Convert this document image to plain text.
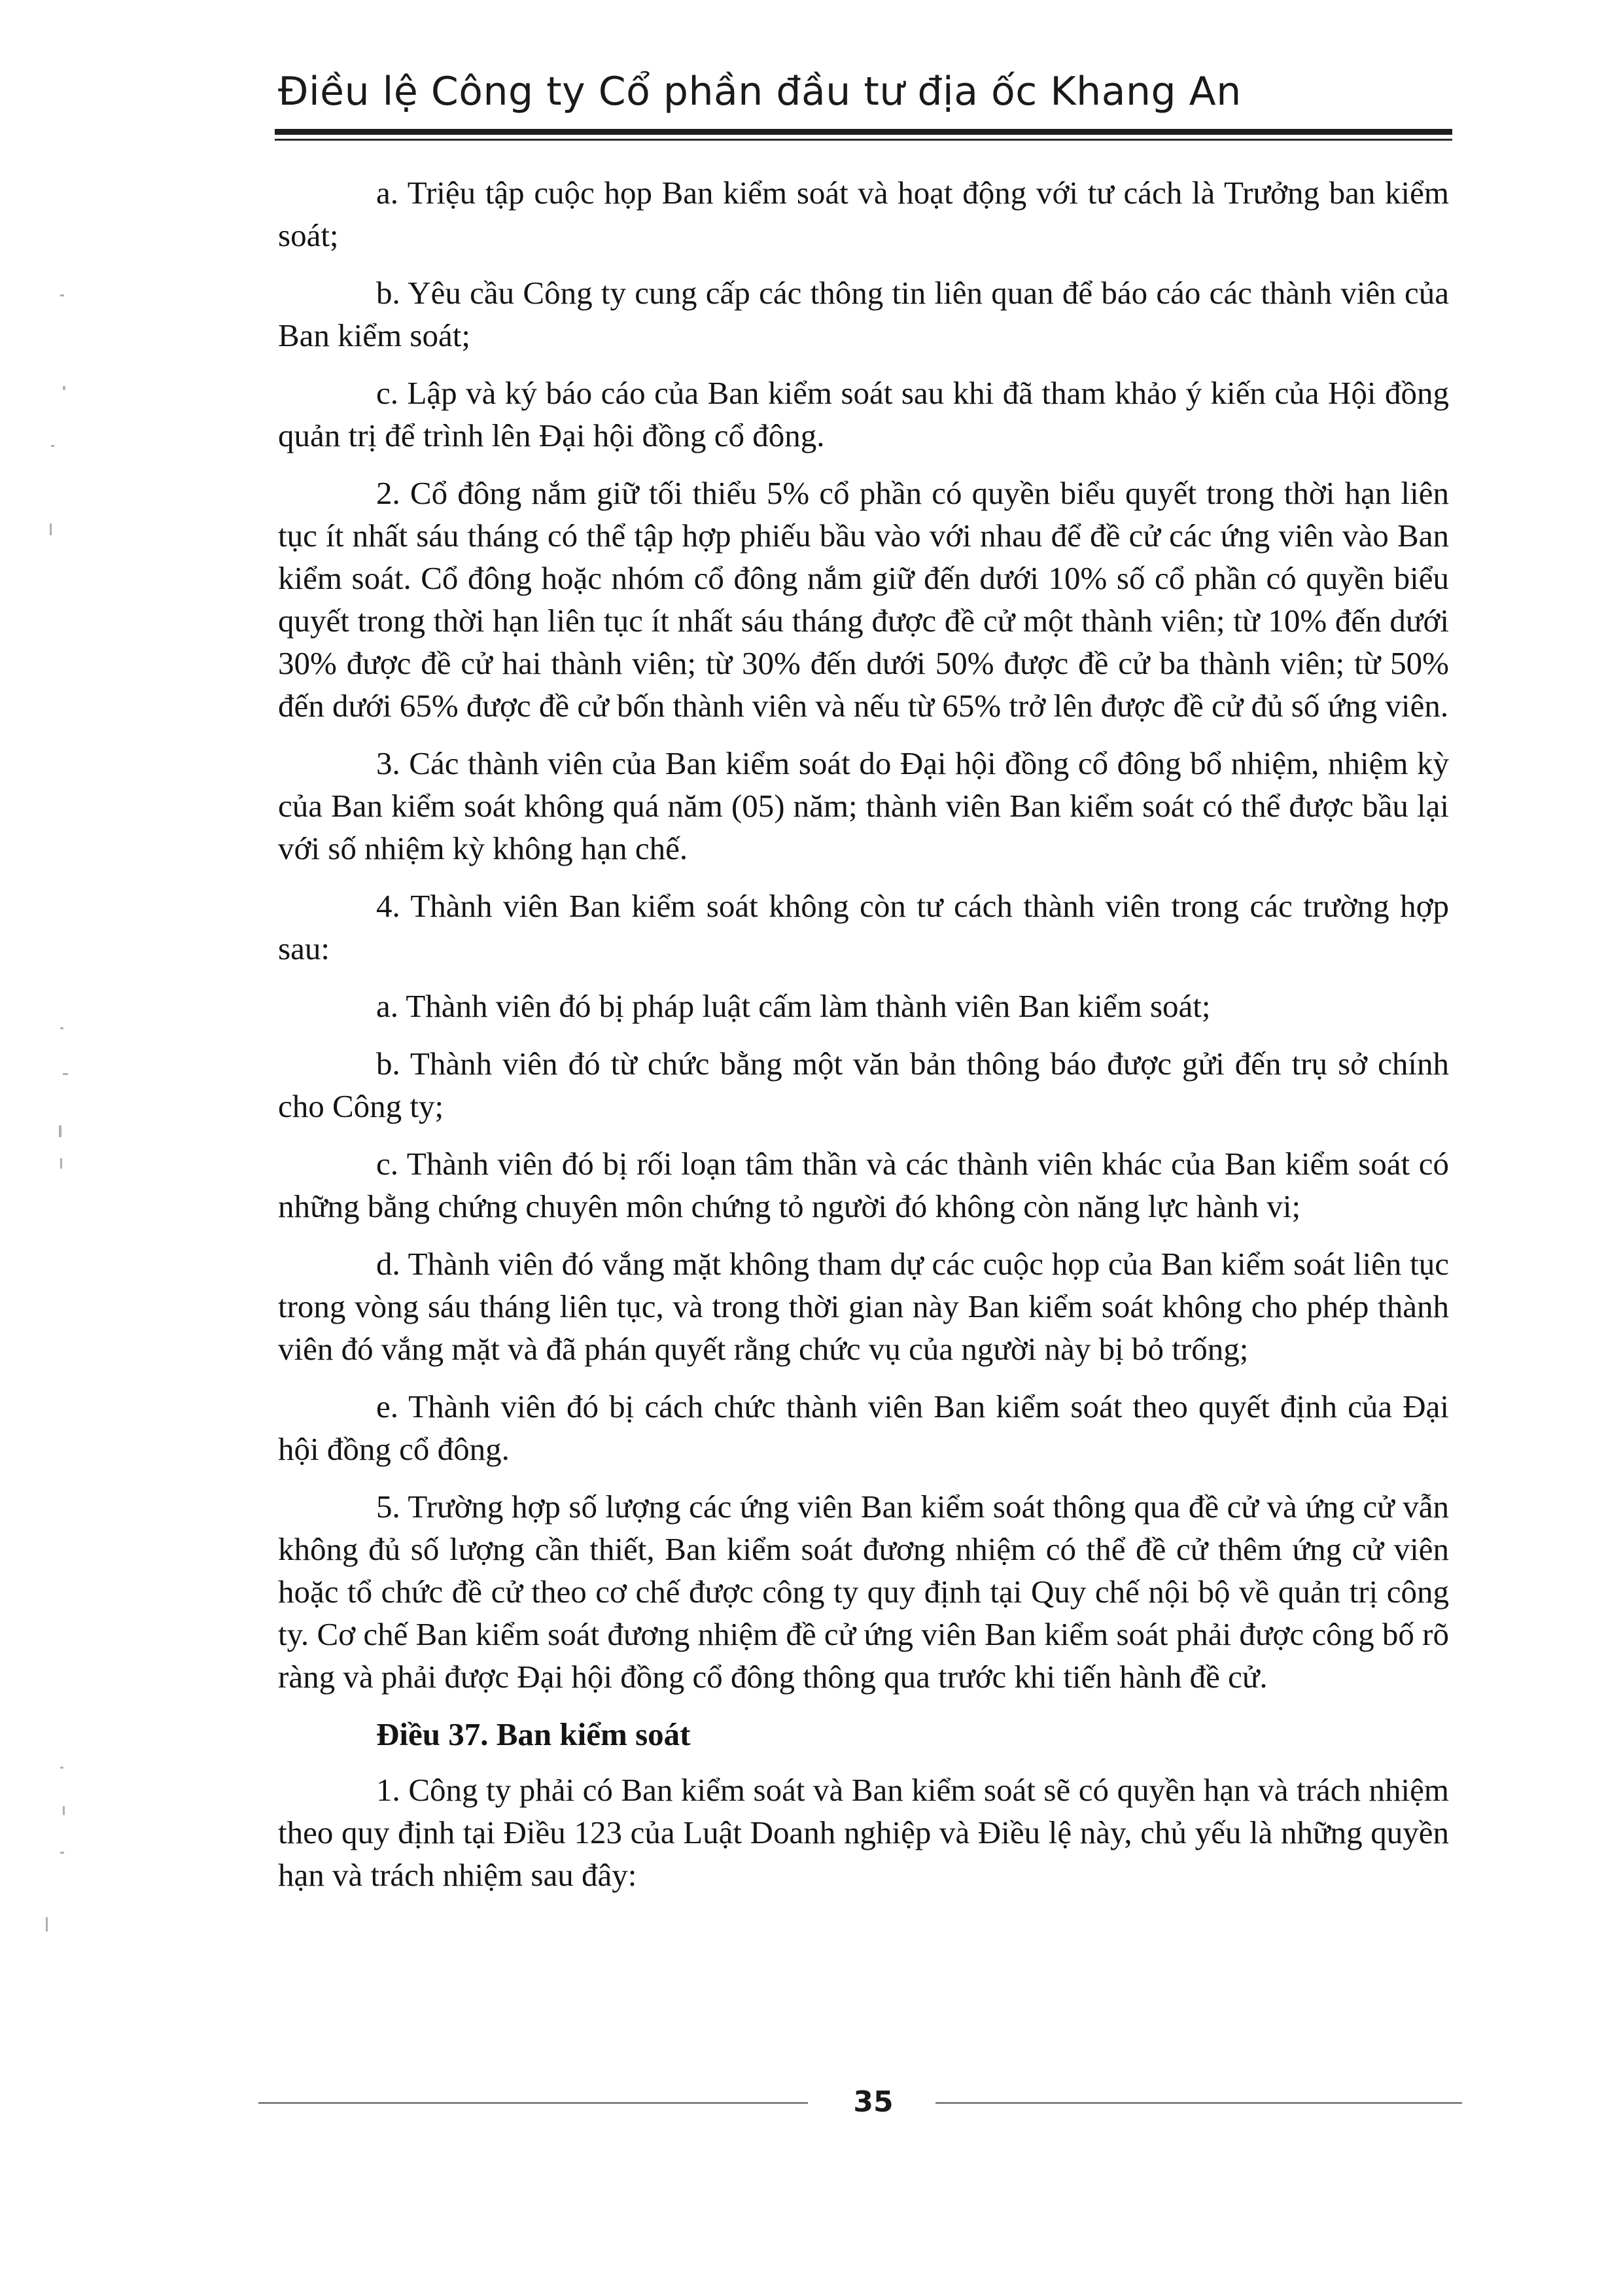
Điều lệ Công ty Cổ phần đầu tư địa ốc Khang An

a. Triệu tập cuộc họp Ban kiểm soát và hoạt động với tư cách là Trưởng ban kiểm soát;

b. Yêu cầu Công ty cung cấp các thông tin liên quan để báo cáo các thành viên của Ban kiểm soát;

c. Lập và ký báo cáo của Ban kiểm soát sau khi đã tham khảo ý kiến của Hội đồng quản trị để trình lên Đại hội đồng cổ đông.

2. Cổ đông nắm giữ tối thiểu 5% cổ phần có quyền biểu quyết trong thời hạn liên tục ít nhất sáu tháng có thể tập hợp phiếu bầu vào với nhau để đề cử các ứng viên vào Ban kiểm soát. Cổ đông hoặc nhóm cổ đông nắm giữ đến dưới 10% số cổ phần có quyền biểu quyết trong thời hạn liên tục ít nhất sáu tháng được đề cử một thành viên; từ 10% đến dưới 30% được đề cử hai thành viên; từ 30% đến dưới 50% được đề cử ba thành viên; từ 50% đến dưới 65% được đề cử bốn thành viên và nếu từ 65% trở lên được đề cử đủ số ứng viên.

3. Các thành viên của Ban kiểm soát do Đại hội đồng cổ đông bổ nhiệm, nhiệm kỳ của Ban kiểm soát không quá năm (05) năm; thành viên Ban kiểm soát có thể được bầu lại với số nhiệm kỳ không hạn chế.

4. Thành viên Ban kiểm soát không còn tư cách thành viên trong các trường hợp sau:

a. Thành viên đó bị pháp luật cấm làm thành viên Ban kiểm soát;

b. Thành viên đó từ chức bằng một văn bản thông báo được gửi đến trụ sở chính cho Công ty;

c. Thành viên đó bị rối loạn tâm thần và các thành viên khác của Ban kiểm soát có những bằng chứng chuyên môn chứng tỏ người đó không còn năng lực hành vi;

d. Thành viên đó vắng mặt không tham dự các cuộc họp của Ban kiểm soát liên tục trong vòng sáu tháng liên tục, và trong thời gian này Ban kiểm soát không cho phép thành viên đó vắng mặt và đã phán quyết rằng chức vụ của người này bị bỏ trống;

e. Thành viên đó bị cách chức thành viên Ban kiểm soát theo quyết định của Đại hội đồng cổ đông.

5. Trường hợp số lượng các ứng viên Ban kiểm soát thông qua đề cử và ứng cử vẫn không đủ số lượng cần thiết, Ban kiểm soát đương nhiệm có thể đề cử thêm ứng cử viên hoặc tổ chức đề cử theo cơ chế được công ty quy định tại Quy chế nội bộ về quản trị công ty. Cơ chế Ban kiểm soát đương nhiệm đề cử ứng viên Ban kiểm soát phải được công bố rõ ràng và phải được Đại hội đồng cổ đông thông qua trước khi tiến hành đề cử.

Điều 37. Ban kiểm soát

1. Công ty phải có Ban kiểm soát và Ban kiểm soát sẽ có quyền hạn và trách nhiệm theo quy định tại Điều 123 của Luật Doanh nghiệp và Điều lệ này, chủ yếu là những quyền hạn và trách nhiệm sau đây:

35
